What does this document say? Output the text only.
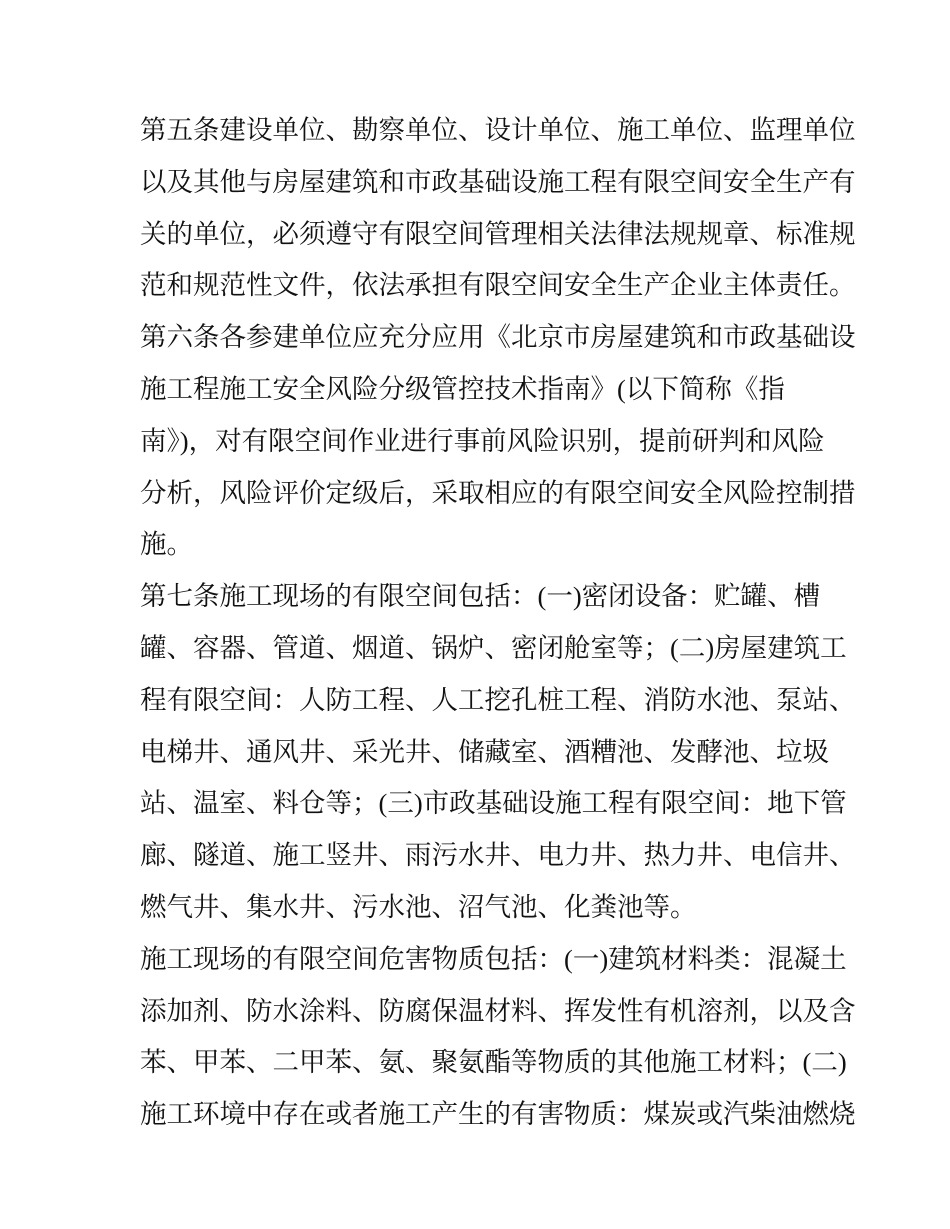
第五条建设单位、勘察单位、设计单位、施工单位、监理单位
以及其他与房屋建筑和市政基础设施工程有限空间安全生产有
关的单位，必须遵守有限空间管理相关法律法规规章、标准规
范和规范性文件，依法承担有限空间安全生产企业主体责任。
第六条各参建单位应充分应用《北京市房屋建筑和市政基础设
施工程施工安全风险分级管控技术指南》(以下简称《指
南》)，对有限空间作业进行事前风险识别，提前研判和风险
分析，风险评价定级后，采取相应的有限空间安全风险控制措
施。
第七条施工现场的有限空间包括：(一)密闭设备：贮罐、槽
罐、容器、管道、烟道、锅炉、密闭舱室等；(二)房屋建筑工
程有限空间：人防工程、人工挖孔桩工程、消防水池、泵站、
电梯井、通风井、采光井、储藏室、酒糟池、发酵池、垃圾
站、温室、料仓等；(三)市政基础设施工程有限空间：地下管
廊、隧道、施工竖井、雨污水井、电力井、热力井、电信井、
燃气井、集水井、污水池、沼气池、化粪池等。
施工现场的有限空间危害物质包括：(一)建筑材料类：混凝土
添加剂、防水涂料、防腐保温材料、挥发性有机溶剂，以及含
苯、甲苯、二甲苯、氨、聚氨酯等物质的其他施工材料；(二)
施工环境中存在或者施工产生的有害物质：煤炭或汽柴油燃烧
